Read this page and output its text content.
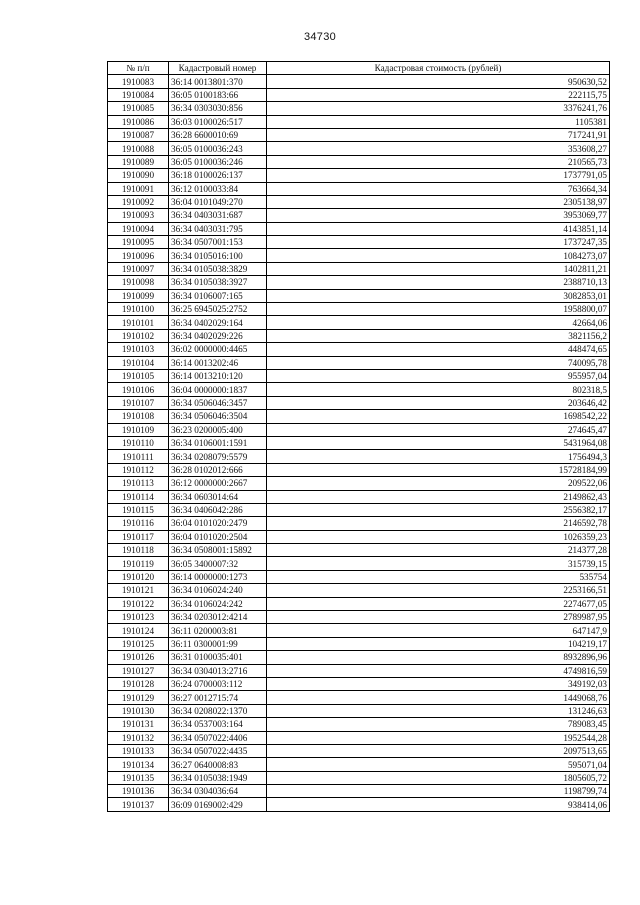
34730
№ п/п	Кадастровый номер	Кадастровая стоимость (рублей)
1910083	36:14 0013801:370	950630,52
1910084	36:05 0100183:66	222115,75
1910085	36:34 0303030:856	3376241,76
1910086	36:03 0100026:517	1105381
1910087	36:28 6600010:69	717241,91
1910088	36:05 0100036:243	353608,27
1910089	36:05 0100036:246	210565,73
1910090	36:18 0100026:137	1737791,05
1910091	36:12 0100033:84	763664,34
1910092	36:04 0101049:270	2305138,97
1910093	36:34 0403031:687	3953069,77
1910094	36:34 0403031:795	4143851,14
1910095	36:34 0507001:153	1737247,35
1910096	36:34 0105016:100	1084273,07
1910097	36:34 0105038:3829	1402811,21
1910098	36:34 0105038:3927	2388710,13
1910099	36:34 0106007:165	3082853,01
1910100	36:25 6945025:2752	1958800,07
1910101	36:34 0402029:164	42664,06
1910102	36:34 0402029:226	3821156,2
1910103	36:02 0000000:4465	448474,65
1910104	36:14 0013202:46	740095,78
1910105	36:14 0013210:120	955957,04
1910106	36:04 0000000:1837	802318,5
1910107	36:34 0506046:3457	203646,42
1910108	36:34 0506046:3504	1698542,22
1910109	36:23 0200005:400	274645,47
1910110	36:34 0106001:1591	5431964,08
1910111	36:34 0208079:5579	1756494,3
1910112	36:28 0102012:666	15728184,99
1910113	36:12 0000000:2667	209522,06
1910114	36:34 0603014:64	2149862,43
1910115	36:34 0406042:286	2556382,17
1910116	36:04 0101020:2479	2146592,78
1910117	36:04 0101020:2504	1026359,23
1910118	36:34 0508001:15892	214377,28
1910119	36:05 3400007:32	315739,15
1910120	36:14 0000000:1273	535754
1910121	36:34 0106024:240	2253166,51
1910122	36:34 0106024:242	2274677,05
1910123	36:34 0203012:4214	2789987,95
1910124	36:11 0200003:81	647147,9
1910125	36:11 0300001:99	104219,17
1910126	36:31 0100035:401	8932896,96
1910127	36:34 0304013:2716	4749816,59
1910128	36:24 0700003:112	349192,03
1910129	36:27 0012715:74	1449068,76
1910130	36:34 0208022:1370	131246,63
1910131	36:34 0537003:164	789083,45
1910132	36:34 0507022:4406	1952544,28
1910133	36:34 0507022:4435	2097513,65
1910134	36:27 0640008:83	595071,04
1910135	36:34 0105038:1949	1805605,72
1910136	36:34 0304036:64	1198799,74
1910137	36:09 0169002:429	938414,06
